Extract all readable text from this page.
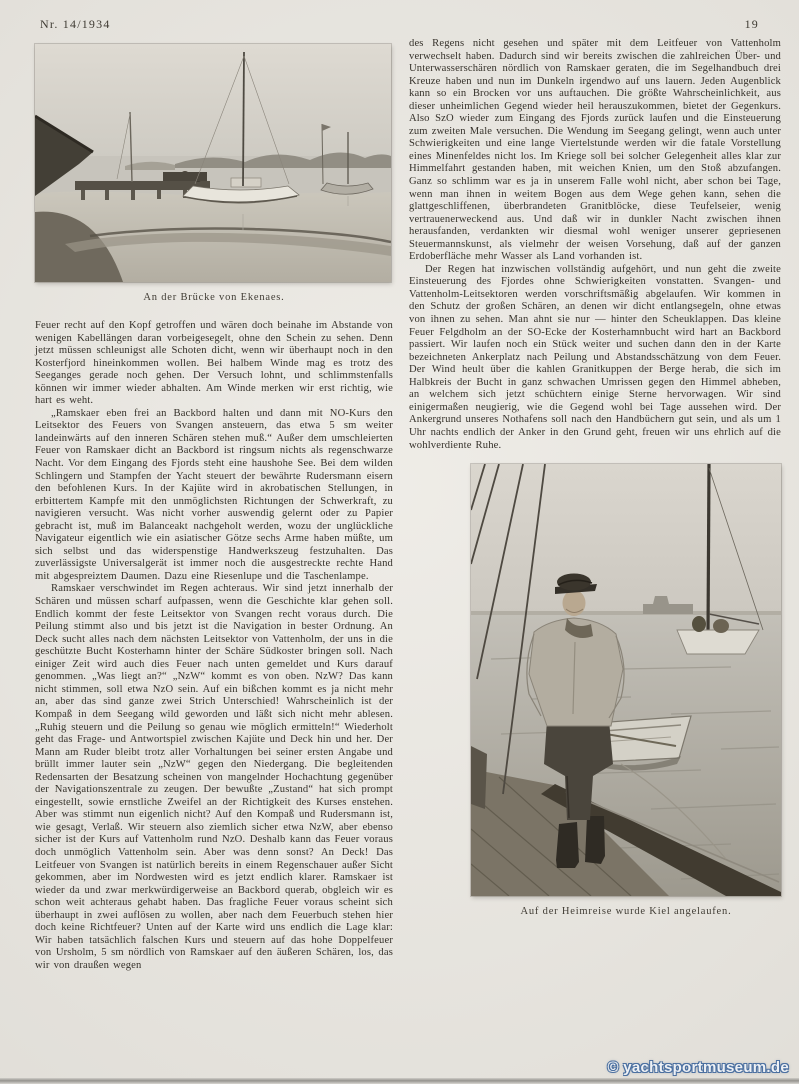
Nr. 14/1934	19
An der Brücke von Ekenaes.

Feuer recht auf den Kopf getroffen und wären doch beinahe im Abstande von wenigen Kabellängen daran vorbeigesegelt, ohne den Schein zu sehen. Denn jetzt müssen schleunigst alle Schoten dicht, wenn wir überhaupt noch in den Kosterfjord hineinkommen wollen. Bei halbem Winde mag es trotz des Seeganges gerade noch gehen. Der Versuch lohnt, und schlimmstenfalls können wir immer wieder abhalten. Am Winde merken wir erst richtig, wie hart es weht.

„Ramskaer eben frei an Backbord halten und dann mit NO-Kurs den Leitsektor des Feuers von Svangen ansteuern, das etwa 5 sm weiter landeinwärts auf den inneren Schären stehen muß.“ Außer dem umschleierten Feuer von Ramskaer dicht an Backbord ist ringsum nichts als regenschwarze Nacht. Vor dem Eingang des Fjords steht eine haushohe See. Bei dem wilden Schlingern und Stampfen der Yacht steuert der bewährte Rudersmann eisern den befohlenen Kurs. In der Kajüte wird in akrobatischen Stellungen, in erbittertem Kampfe mit den unmöglichsten Richtungen der Schwerkraft, zu navigieren versucht. Was nicht vorher auswendig gelernt oder zu Papier gebracht ist, muß im Balanceakt nachgeholt werden, wozu der unglückliche Navigateur eigentlich wie ein asiatischer Götze sechs Arme haben müßte, um sich selbst und das widerspenstige Handwerkszeug festzuhalten. Das zuverlässigste Universalgerät ist immer noch die ausgestreckte rechte Hand mit abgespreiztem Daumen. Dazu eine Riesenlupe und die Taschenlampe.

Ramskaer verschwindet im Regen achteraus. Wir sind jetzt innerhalb der Schären und müssen scharf aufpassen, wenn die Geschichte klar gehen soll. Endlich kommt der feste Leitsektor von Svangen recht voraus durch. Die Peilung stimmt also und bis jetzt ist die Navigation in bester Ordnung. An Deck sucht alles nach dem nächsten Leitsektor von Vattenholm, der uns in die geschützte Bucht Kosterhamn hinter der Schäre Südkoster bringen soll. Nach einiger Zeit wird auch dies Feuer nach unten gemeldet und Kurs darauf genommen. „Was liegt an?“ „NzW“ kommt es von oben. NzW? Das kann nicht stimmen, soll etwa NzO sein. Auf ein bißchen kommt es ja nicht mehr an, aber das sind ganze zwei Strich Unterschied! Wahrscheinlich ist der Kompaß in dem Seegang wild geworden und läßt sich nicht mehr ablesen. „Ruhig steuern und die Peilung so genau wie möglich ermitteln!“ Wiederholt geht das Frage- und Antwortspiel zwischen Kajüte und Deck hin und her. Der Mann am Ruder bleibt trotz aller Vorhaltungen bei seiner ersten Angabe und brüllt immer lauter sein „NzW“ gegen den Niedergang. Die begleitenden Redensarten der Besatzung scheinen von mangelnder Hochachtung gegenüber der Navigationszentrale zu zeugen. Der bewußte „Zustand“ hat sich prompt eingestellt, sowie ernstliche Zweifel an der Richtigkeit des Kurses enstehen. Aber was stimmt nun eigenlich nicht? Auf den Kompaß und Rudersmann ist, wie gesagt, Verlaß. Wir steuern also ziemlich sicher etwa NzW, aber ebenso sicher ist der Kurs auf Vattenholm rund NzO. Deshalb kann das Feuer voraus doch unmöglich Vattenholm sein. Aber was denn sonst? An Deck! Das Leitfeuer von Svangen ist natürlich bereits in einem Regenschauer außer Sicht gekommen, aber im Nordwesten wird es jetzt endlich klarer. Ramskaer ist wieder da und zwar merkwürdigerweise an Backbord querab, obgleich wir es schon weit achteraus gehabt haben. Das fragliche Feuer voraus scheint sich überhaupt in zwei auflösen zu wollen, aber nach dem Feuerbuch stehen hier doch keine Richtfeuer? Unten auf der Karte wird uns endlich die Lage klar: Wir haben tatsächlich falschen Kurs und steuern auf das hohe Doppelfeuer von Ursholm, 5 sm nördlich von Ramskaer auf den äußeren Schären, los, das wir von draußen wegen

des Regens nicht gesehen und später mit dem Leitfeuer von Vattenholm verwechselt haben. Dadurch sind wir bereits zwischen die zahlreichen Über- und Unterwasserschären nördlich von Ramskaer geraten, die im Segelhandbuch drei Kreuze haben und nun im Dunkeln irgendwo auf uns lauern. Jeden Augenblick kann so ein Brocken vor uns auftauchen. Die größte Wahrscheinlichkeit, aus dieser unheimlichen Gegend wieder heil herauszukommen, bietet der Gegenkurs. Also SzO wieder zum Eingang des Fjords zurück laufen und die Einsteuerung zum zweiten Male versuchen. Die Wendung im Seegang gelingt, wenn auch unter Schwierigkeiten und eine lange Viertelstunde werden wir die fatale Vorstellung eines Minenfeldes nicht los. Im Kriege soll bei solcher Gelegenheit alles klar zur Himmelfahrt gestanden haben, mit weichen Knien, um den Stoß abzufangen. Ganz so schlimm war es ja in unserem Falle wohl nicht, aber schon bei Tage, wenn man ihnen in weitem Bogen aus dem Wege gehen kann, sehen die glattgeschliffenen, überbrandeten Granitblöcke, diese Teufelseier, wenig vertrauenerweckend aus. Und daß wir in dunkler Nacht zwischen ihnen herausfanden, verdankten wir diesmal wohl weniger unserer gepriesenen Steuermannskunst, als vielmehr der weisen Vorsehung, daß auf der ganzen Erdoberfläche mehr Wasser als Land vorhanden ist.

Der Regen hat inzwischen vollständig aufgehört, und nun geht die zweite Einsteuerung des Fjordes ohne Schwierigkeiten vonstatten. Svangen- und Vattenholm-Leitsektoren werden vorschriftsmäßig abgelaufen. Wir kommen in den Schutz der großen Schären, an denen wir dicht entlangsegeln, ohne etwas von ihnen zu sehen. Man ahnt sie nur — hinter den Scheuklappen. Das kleine Feuer Felgdholm an der SO-Ecke der Kosterhamnbucht wird hart an Backbord passiert. Wir laufen noch ein Stück weiter und suchen dann den in der Karte bezeichneten Ankerplatz nach Peilung und Abstandsschätzung von dem Feuer. Der Wind heult über die kahlen Granitkuppen der Berge herab, die sich im Halbkreis der Bucht in ganz schwachen Umrissen gegen den Himmel abheben, an welchem sich jetzt schüchtern einige Sterne hervorwagen. Wir sind einigermaßen neugierig, wie die Gegend wohl bei Tage aussehen wird. Der Ankergrund unseres Nothafens soll nach den Handbüchern gut sein, und als um 1 Uhr nachts endlich der Anker in den Grund geht, freuen wir uns ehrlich auf die wohlverdiente Ruhe.

Auf der Heimreise wurde Kiel angelaufen.
© yachtsportmuseum.de
